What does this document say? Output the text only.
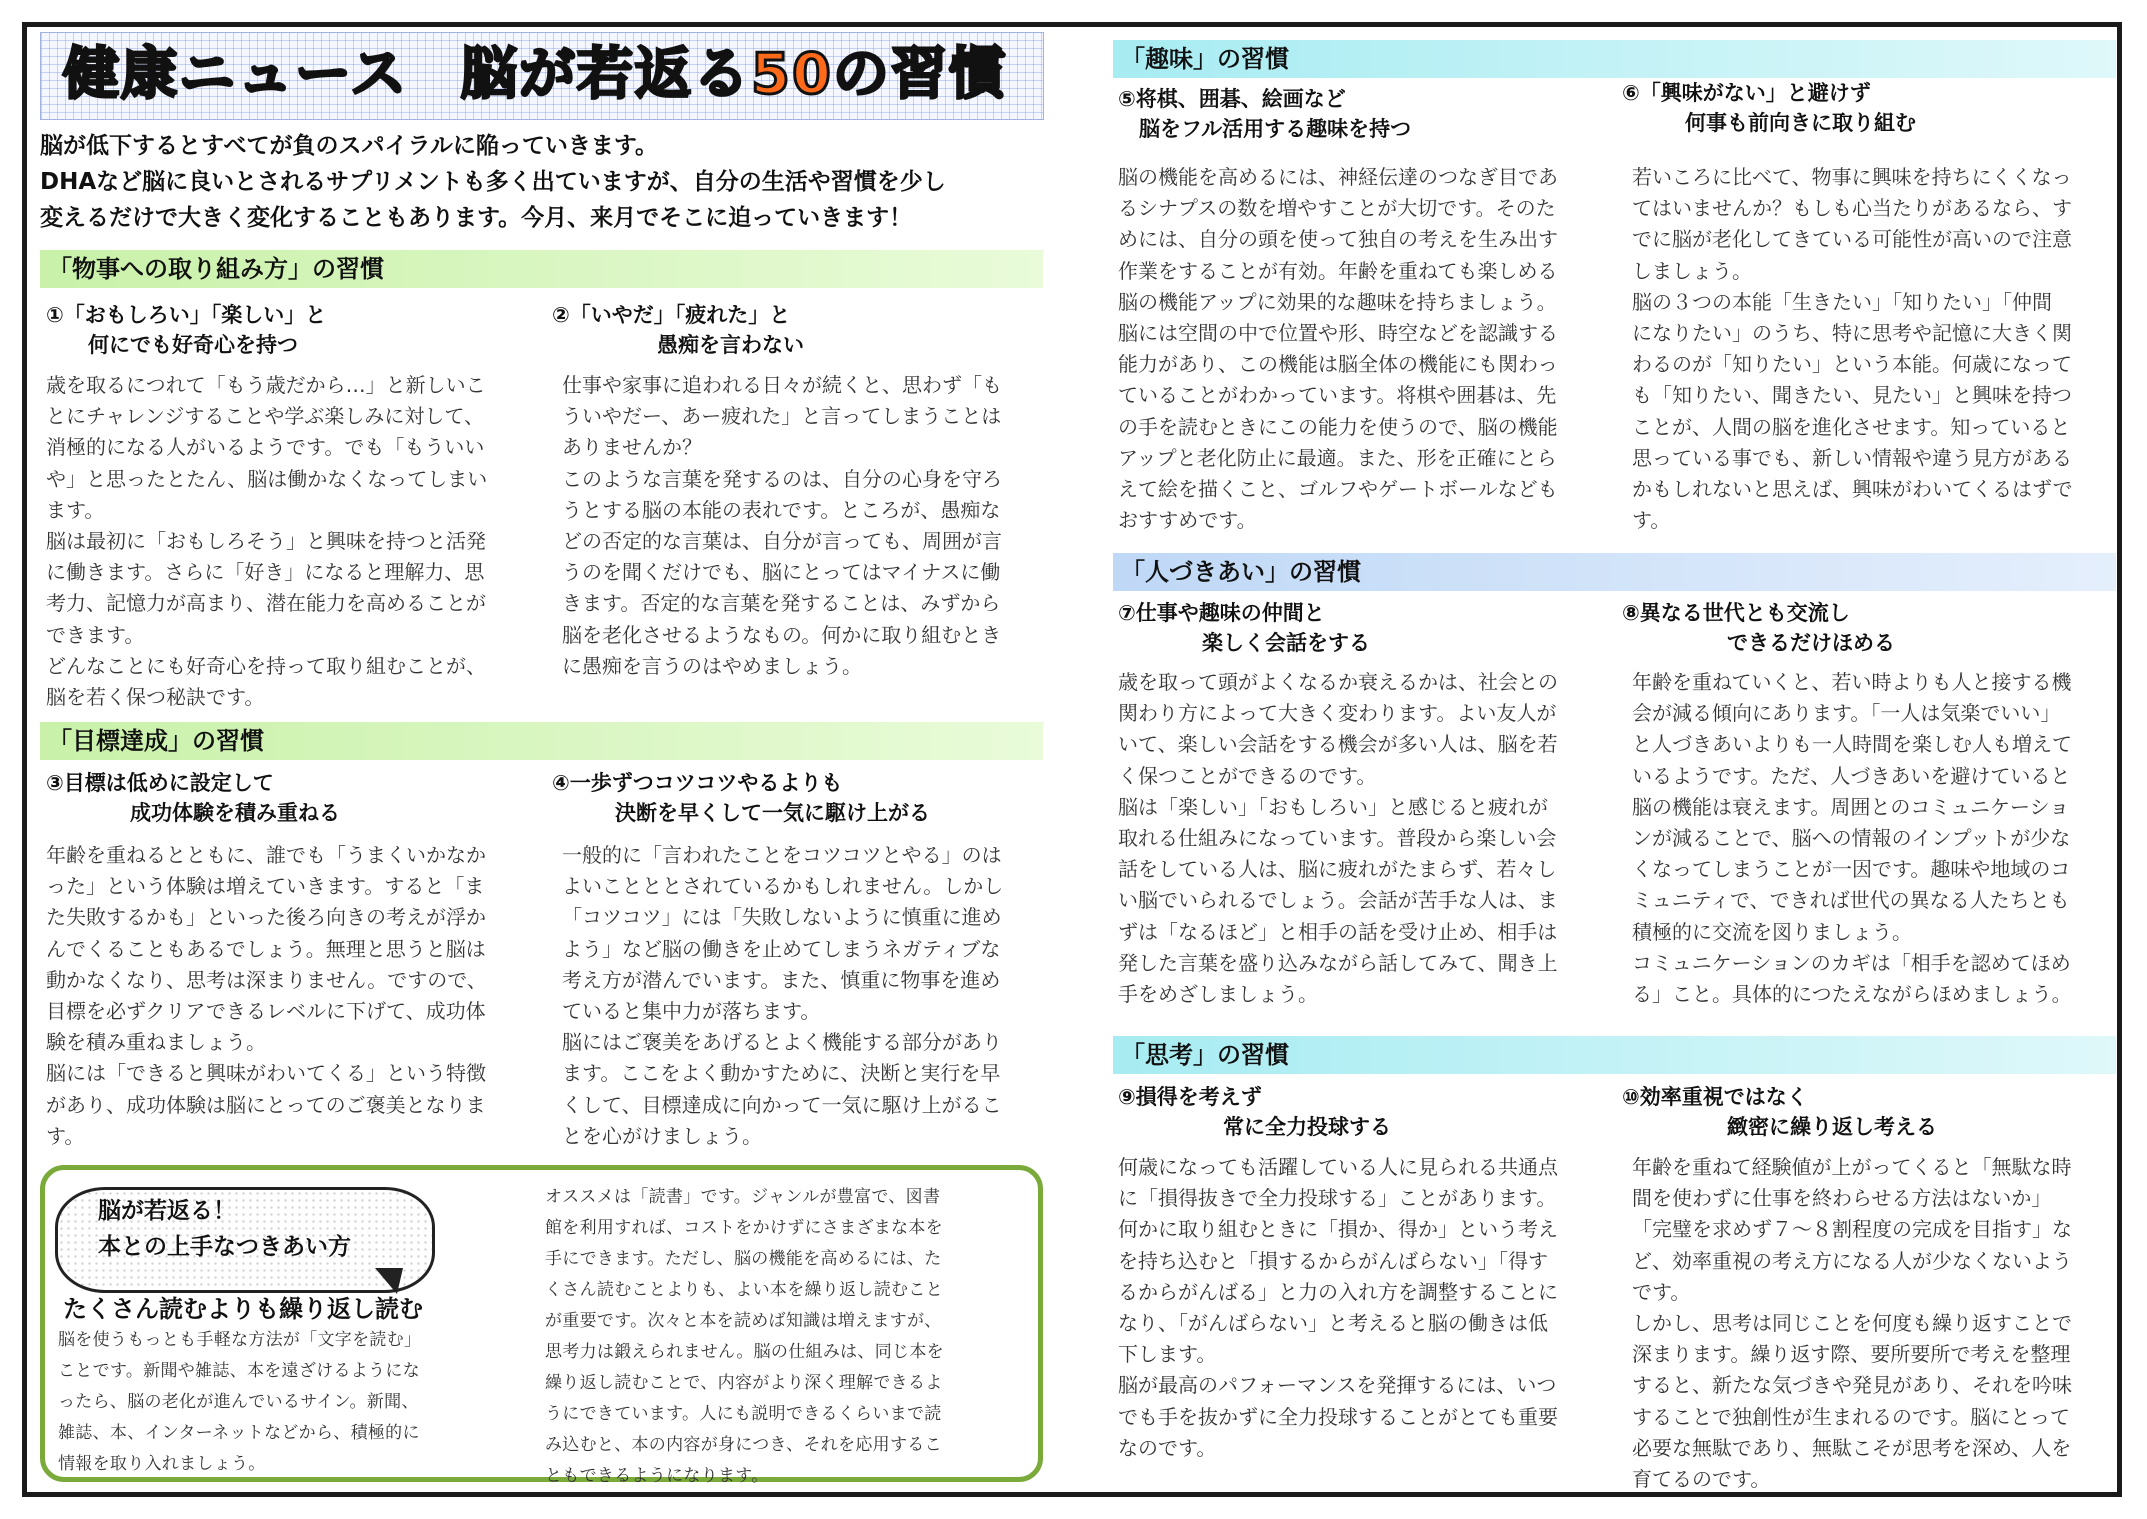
健康ニュース 脳が若返る50の習慣
脳が低下するとすべてが負のスパイラルに陥っていきます。
DHAなど脳に良いとされるサプリメントも多く出ていますが、自分の生活や習慣を少し
変えるだけで大きく変化することもあります。今月、来月でそこに迫っていきます！
「物事への取り組み方」の習慣
①「おもしろい」「楽しい」と
　　何にでも好奇心を持つ
歳を取るにつれて「もう歳だから…」と新しいこ
とにチャレンジすることや学ぶ楽しみに対して、
消極的になる人がいるようです。でも「もういい
や」と思ったとたん、脳は働かなくなってしまい
ます。
脳は最初に「おもしろそう」と興味を持つと活発
に働きます。さらに「好き」になると理解力、思
考力、記憶力が高まり、潜在能力を高めることが
できます。
どんなことにも好奇心を持って取り組むことが、
脳を若く保つ秘訣です。
②「いやだ」「疲れた」と
　　　　　愚痴を言わない
仕事や家事に追われる日々が続くと、思わず「も
ういやだー、あー疲れた」と言ってしまうことは
ありませんか？
このような言葉を発するのは、自分の心身を守ろ
うとする脳の本能の表れです。ところが、愚痴な
どの否定的な言葉は、自分が言っても、周囲が言
うのを聞くだけでも、脳にとってはマイナスに働
きます。否定的な言葉を発することは、みずから
脳を老化させるようなもの。何かに取り組むとき
に愚痴を言うのはやめましょう。
「目標達成」の習慣
③目標は低めに設定して
　　　　成功体験を積み重ねる
年齢を重ねるとともに、誰でも「うまくいかなか
った」という体験は増えていきます。すると「ま
た失敗するかも」といった後ろ向きの考えが浮か
んでくることもあるでしょう。無理と思うと脳は
動かなくなり、思考は深まりません。ですので、
目標を必ずクリアできるレベルに下げて、成功体
験を積み重ねましょう。
脳には「できると興味がわいてくる」という特徴
があり、成功体験は脳にとってのご褒美となりま
す。
④一歩ずつコツコツやるよりも
　　　決断を早くして一気に駆け上がる
一般的に「言われたことをコツコツとやる」のは
よいことととされているかもしれません。しかし
「コツコツ」には「失敗しないように慎重に進め
よう」など脳の働きを止めてしまうネガティブな
考え方が潜んでいます。また、慎重に物事を進め
ていると集中力が落ちます。
脳にはご褒美をあげるとよく機能する部分があり
ます。ここをよく動かすために、決断と実行を早
くして、目標達成に向かって一気に駆け上がるこ
とを心がけましょう。
脳が若返る！
本との上手なつきあい方
たくさん読むよりも繰り返し読む
脳を使うもっとも手軽な方法が「文字を読む」
ことです。新聞や雑誌、本を遠ざけるようにな
ったら、脳の老化が進んでいるサイン。新聞、
雑誌、本、インターネットなどから、積極的に
情報を取り入れましょう。
オススメは「読書」です。ジャンルが豊富で、図書
館を利用すれば、コストをかけずにさまざまな本を
手にできます。ただし、脳の機能を高めるには、た
くさん読むことよりも、よい本を繰り返し読むこと
が重要です。次々と本を読めば知識は増えますが、
思考力は鍛えられません。脳の仕組みは、同じ本を
繰り返し読むことで、内容がより深く理解できるよ
うにできています。人にも説明できるくらいまで読
み込むと、本の内容が身につき、それを応用するこ
ともできるようになります。
「趣味」の習慣
⑤将棋、囲碁、絵画など
　脳をフル活用する趣味を持つ
脳の機能を高めるには、神経伝達のつなぎ目であ
るシナプスの数を増やすことが大切です。そのた
めには、自分の頭を使って独自の考えを生み出す
作業をすることが有効。年齢を重ねても楽しめる
脳の機能アップに効果的な趣味を持ちましょう。
脳には空間の中で位置や形、時空などを認識する
能力があり、この機能は脳全体の機能にも関わっ
ていることがわかっています。将棋や囲碁は、先
の手を読むときにこの能力を使うので、脳の機能
アップと老化防止に最適。また、形を正確にとら
えて絵を描くこと、ゴルフやゲートボールなども
おすすめです。
⑥「興味がない」と避けず
　　　何事も前向きに取り組む
若いころに比べて、物事に興味を持ちにくくなっ
てはいませんか？もしも心当たりがあるなら、す
でに脳が老化してきている可能性が高いので注意
しましょう。
脳の３つの本能「生きたい」「知りたい」「仲間
になりたい」のうち、特に思考や記憶に大きく関
わるのが「知りたい」という本能。何歳になって
も「知りたい、聞きたい、見たい」と興味を持つ
ことが、人間の脳を進化させます。知っていると
思っている事でも、新しい情報や違う見方がある
かもしれないと思えば、興味がわいてくるはずで
す。
「人づきあい」の習慣
⑦仕事や趣味の仲間と
　　　　楽しく会話をする
歳を取って頭がよくなるか衰えるかは、社会との
関わり方によって大きく変わります。よい友人が
いて、楽しい会話をする機会が多い人は、脳を若
く保つことができるのです。
脳は「楽しい」「おもしろい」と感じると疲れが
取れる仕組みになっています。普段から楽しい会
話をしている人は、脳に疲れがたまらず、若々し
い脳でいられるでしょう。会話が苦手な人は、ま
ずは「なるほど」と相手の話を受け止め、相手は
発した言葉を盛り込みながら話してみて、聞き上
手をめざしましょう。
⑧異なる世代とも交流し
　　　　　できるだけほめる
年齢を重ねていくと、若い時よりも人と接する機
会が減る傾向にあります。「一人は気楽でいい」
と人づきあいよりも一人時間を楽しむ人も増えて
いるようです。ただ、人づきあいを避けていると
脳の機能は衰えます。周囲とのコミュニケーショ
ンが減ることで、脳への情報のインプットが少な
くなってしまうことが一因です。趣味や地域のコ
ミュニティで、できれば世代の異なる人たちとも
積極的に交流を図りましょう。
コミュニケーションのカギは「相手を認めてほめ
る」こと。具体的につたえながらほめましょう。
「思考」の習慣
⑨損得を考えず
　　　　　常に全力投球する
何歳になっても活躍している人に見られる共通点
に「損得抜きで全力投球する」ことがあります。
何かに取り組むときに「損か、得か」という考え
を持ち込むと「損するからがんばらない」「得す
るからがんばる」と力の入れ方を調整することに
なり、「がんばらない」と考えると脳の働きは低
下します。
脳が最高のパフォーマンスを発揮するには、いつ
でも手を抜かずに全力投球することがとても重要
なのです。
⑩効率重視ではなく
　　　　　緻密に繰り返し考える
年齢を重ねて経験値が上がってくると「無駄な時
間を使わずに仕事を終わらせる方法はないか」
「完璧を求めず７～８割程度の完成を目指す」な
ど、効率重視の考え方になる人が少なくないよう
です。
しかし、思考は同じことを何度も繰り返すことで
深まります。繰り返す際、要所要所で考えを整理
すると、新たな気づきや発見があり、それを吟味
することで独創性が生まれるのです。脳にとって
必要な無駄であり、無駄こそが思考を深め、人を
育てるのです。
